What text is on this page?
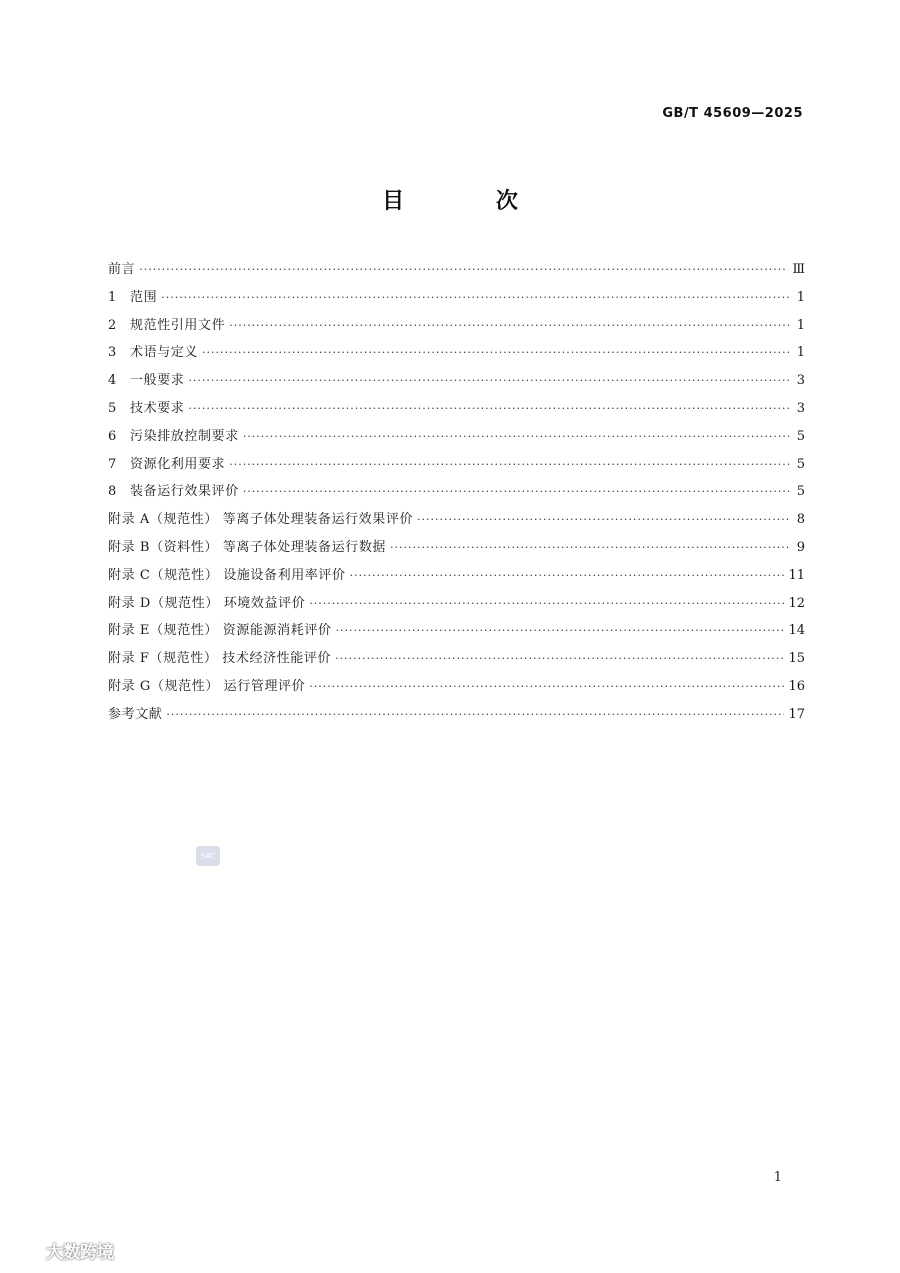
GB/T 45609—2025
目 次
前言 ·····	Ⅲ
1	范围 ·····	1
2	规范性引用文件 ·····	1
3	术语与定义 ·····	1
4	一般要求 ·····	3
5	技术要求 ·····	3
6	污染排放控制要求 ·····	5
7	资源化利用要求 ·····	5
8	装备运行效果评价 ·····	5
附录 A（规范性） 等离子体处理装备运行效果评价 ·····	8
附录 B（资料性） 等离子体处理装备运行数据 ·····	9
附录 C（规范性） 设施设备利用率评价 ·····	11
附录 D（规范性） 环境效益评价 ·····	12
附录 E（规范性） 资源能源消耗评价 ·····	14
附录 F（规范性） 技术经济性能评价 ·····	15
附录 G（规范性） 运行管理评价 ·····	16
参考文献 ·····	17
1
SAC
大数跨境
